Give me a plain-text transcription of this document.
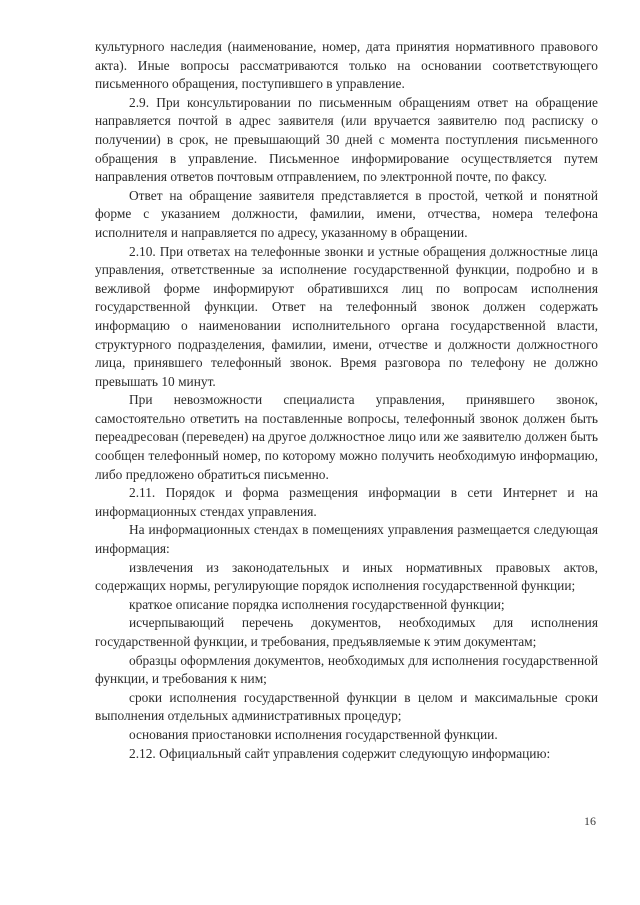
культурного наследия (наименование, номер, дата принятия нормативного правового акта). Иные вопросы рассматриваются только на основании соответствующего письменного обращения, поступившего в управление.

2.9. При консультировании по письменным обращениям ответ на обращение направляется почтой в адрес заявителя (или вручается заявителю под расписку о получении) в срок, не превышающий 30 дней с момента поступления письменного обращения в управление. Письменное информирование осуществляется путем направления ответов почтовым отправлением, по электронной почте, по факсу.

Ответ на обращение заявителя представляется в простой, четкой и понятной форме с указанием должности, фамилии, имени, отчества, номера телефона исполнителя и направляется по адресу, указанному в обращении.

2.10. При ответах на телефонные звонки и устные обращения должностные лица управления, ответственные за исполнение государственной функции, подробно и в вежливой форме информируют обратившихся лиц по вопросам исполнения государственной функции. Ответ на телефонный звонок должен содержать информацию о наименовании исполнительного органа государственной власти, структурного подразделения, фамилии, имени, отчестве и должности должностного лица, принявшего телефонный звонок. Время разговора по телефону не должно превышать 10 минут.

При невозможности специалиста управления, принявшего звонок, самостоятельно ответить на поставленные вопросы, телефонный звонок должен быть переадресован (переведен) на другое должностное лицо или же заявителю должен быть сообщен телефонный номер, по которому можно получить необходимую информацию, либо предложено обратиться письменно.

2.11. Порядок и форма размещения информации в сети Интернет и на информационных стендах управления.

На информационных стендах в помещениях управления размещается следующая информация:

извлечения из законодательных и иных нормативных правовых актов, содержащих нормы, регулирующие порядок исполнения государственной функции;

краткое описание порядка исполнения государственной функции;

исчерпывающий перечень документов, необходимых для исполнения государственной функции, и требования, предъявляемые к этим документам;

образцы оформления документов, необходимых для исполнения государственной функции, и требования к ним;

сроки исполнения государственной функции в целом и максимальные сроки выполнения отдельных административных процедур;

основания приостановки исполнения государственной функции.

2.12. Официальный сайт управления содержит следующую информацию:

16
